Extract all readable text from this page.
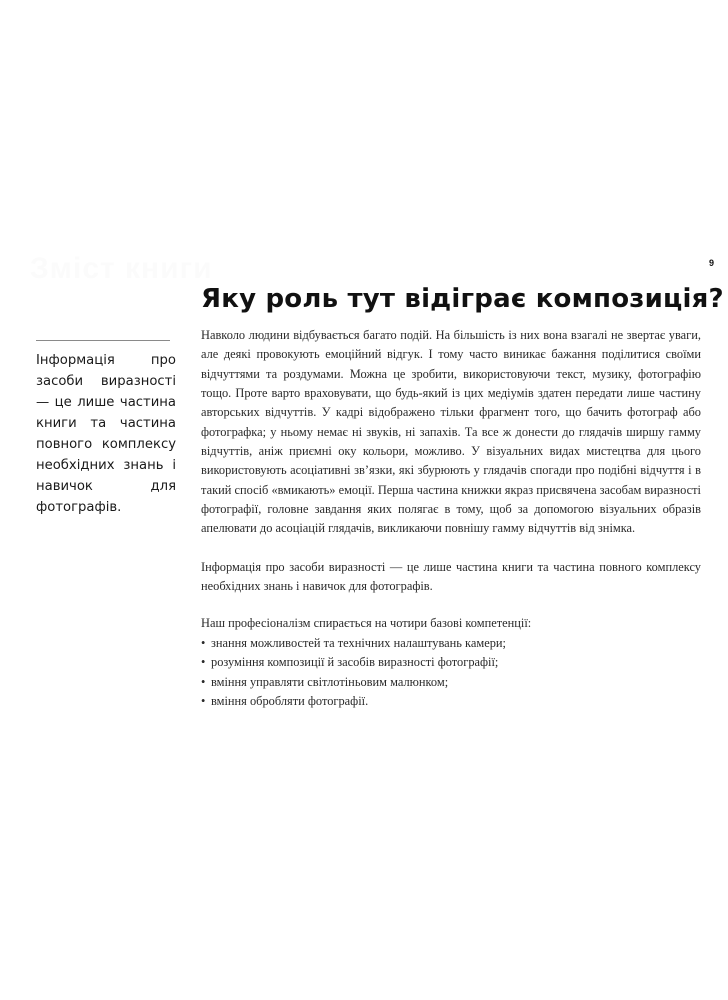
Зміст книги	9
Яку роль тут відіграє композиція?

Інформація про засоби виразності — це лише частина книги та частина повного комплексу необхідних знань і навичок для фотографів.

Навколо людини відбувається багато подій. На більшість із них вона взагалі не звертає уваги, але деякі провокують емоційний відгук. І тому часто виникає бажання поділитися своїми відчуттями та роздумами. Можна це зробити, використовуючи текст, музику, фотографію тощо. Проте варто враховувати, що будь-який із цих медіумів здатен передати лише частину авторських відчуттів. У кадрі відображено тільки фрагмент того, що бачить фотограф або фотографка; у ньому немає ні звуків, ні запахів. Та все ж донести до глядачів ширшу гамму відчуттів, аніж приємні оку кольори, можливо. У візуальних видах мистецтва для цього використовують асоціативні зв’язки, які збурюють у глядачів спогади про подібні відчуття і в такий спосіб «вмикають» емоції. Перша частина книжки якраз присвячена засобам виразності фотографії, головне завдання яких полягає в тому, щоб за допомогою візуальних образів апелювати до асоціацій глядачів, викликаючи повнішу гамму відчуттів від знімка.

Інформація про засоби виразності — це лише частина книги та частина повного комплексу необхідних знань і навичок для фотографів.

Наш професіоналізм спирається на чотири базові компетенції:

• знання можливостей та технічних налаштувань камери;
• розуміння композиції й засобів виразності фотографії;
• вміння управляти світлотіньовим малюнком;
• вміння обробляти фотографії.
